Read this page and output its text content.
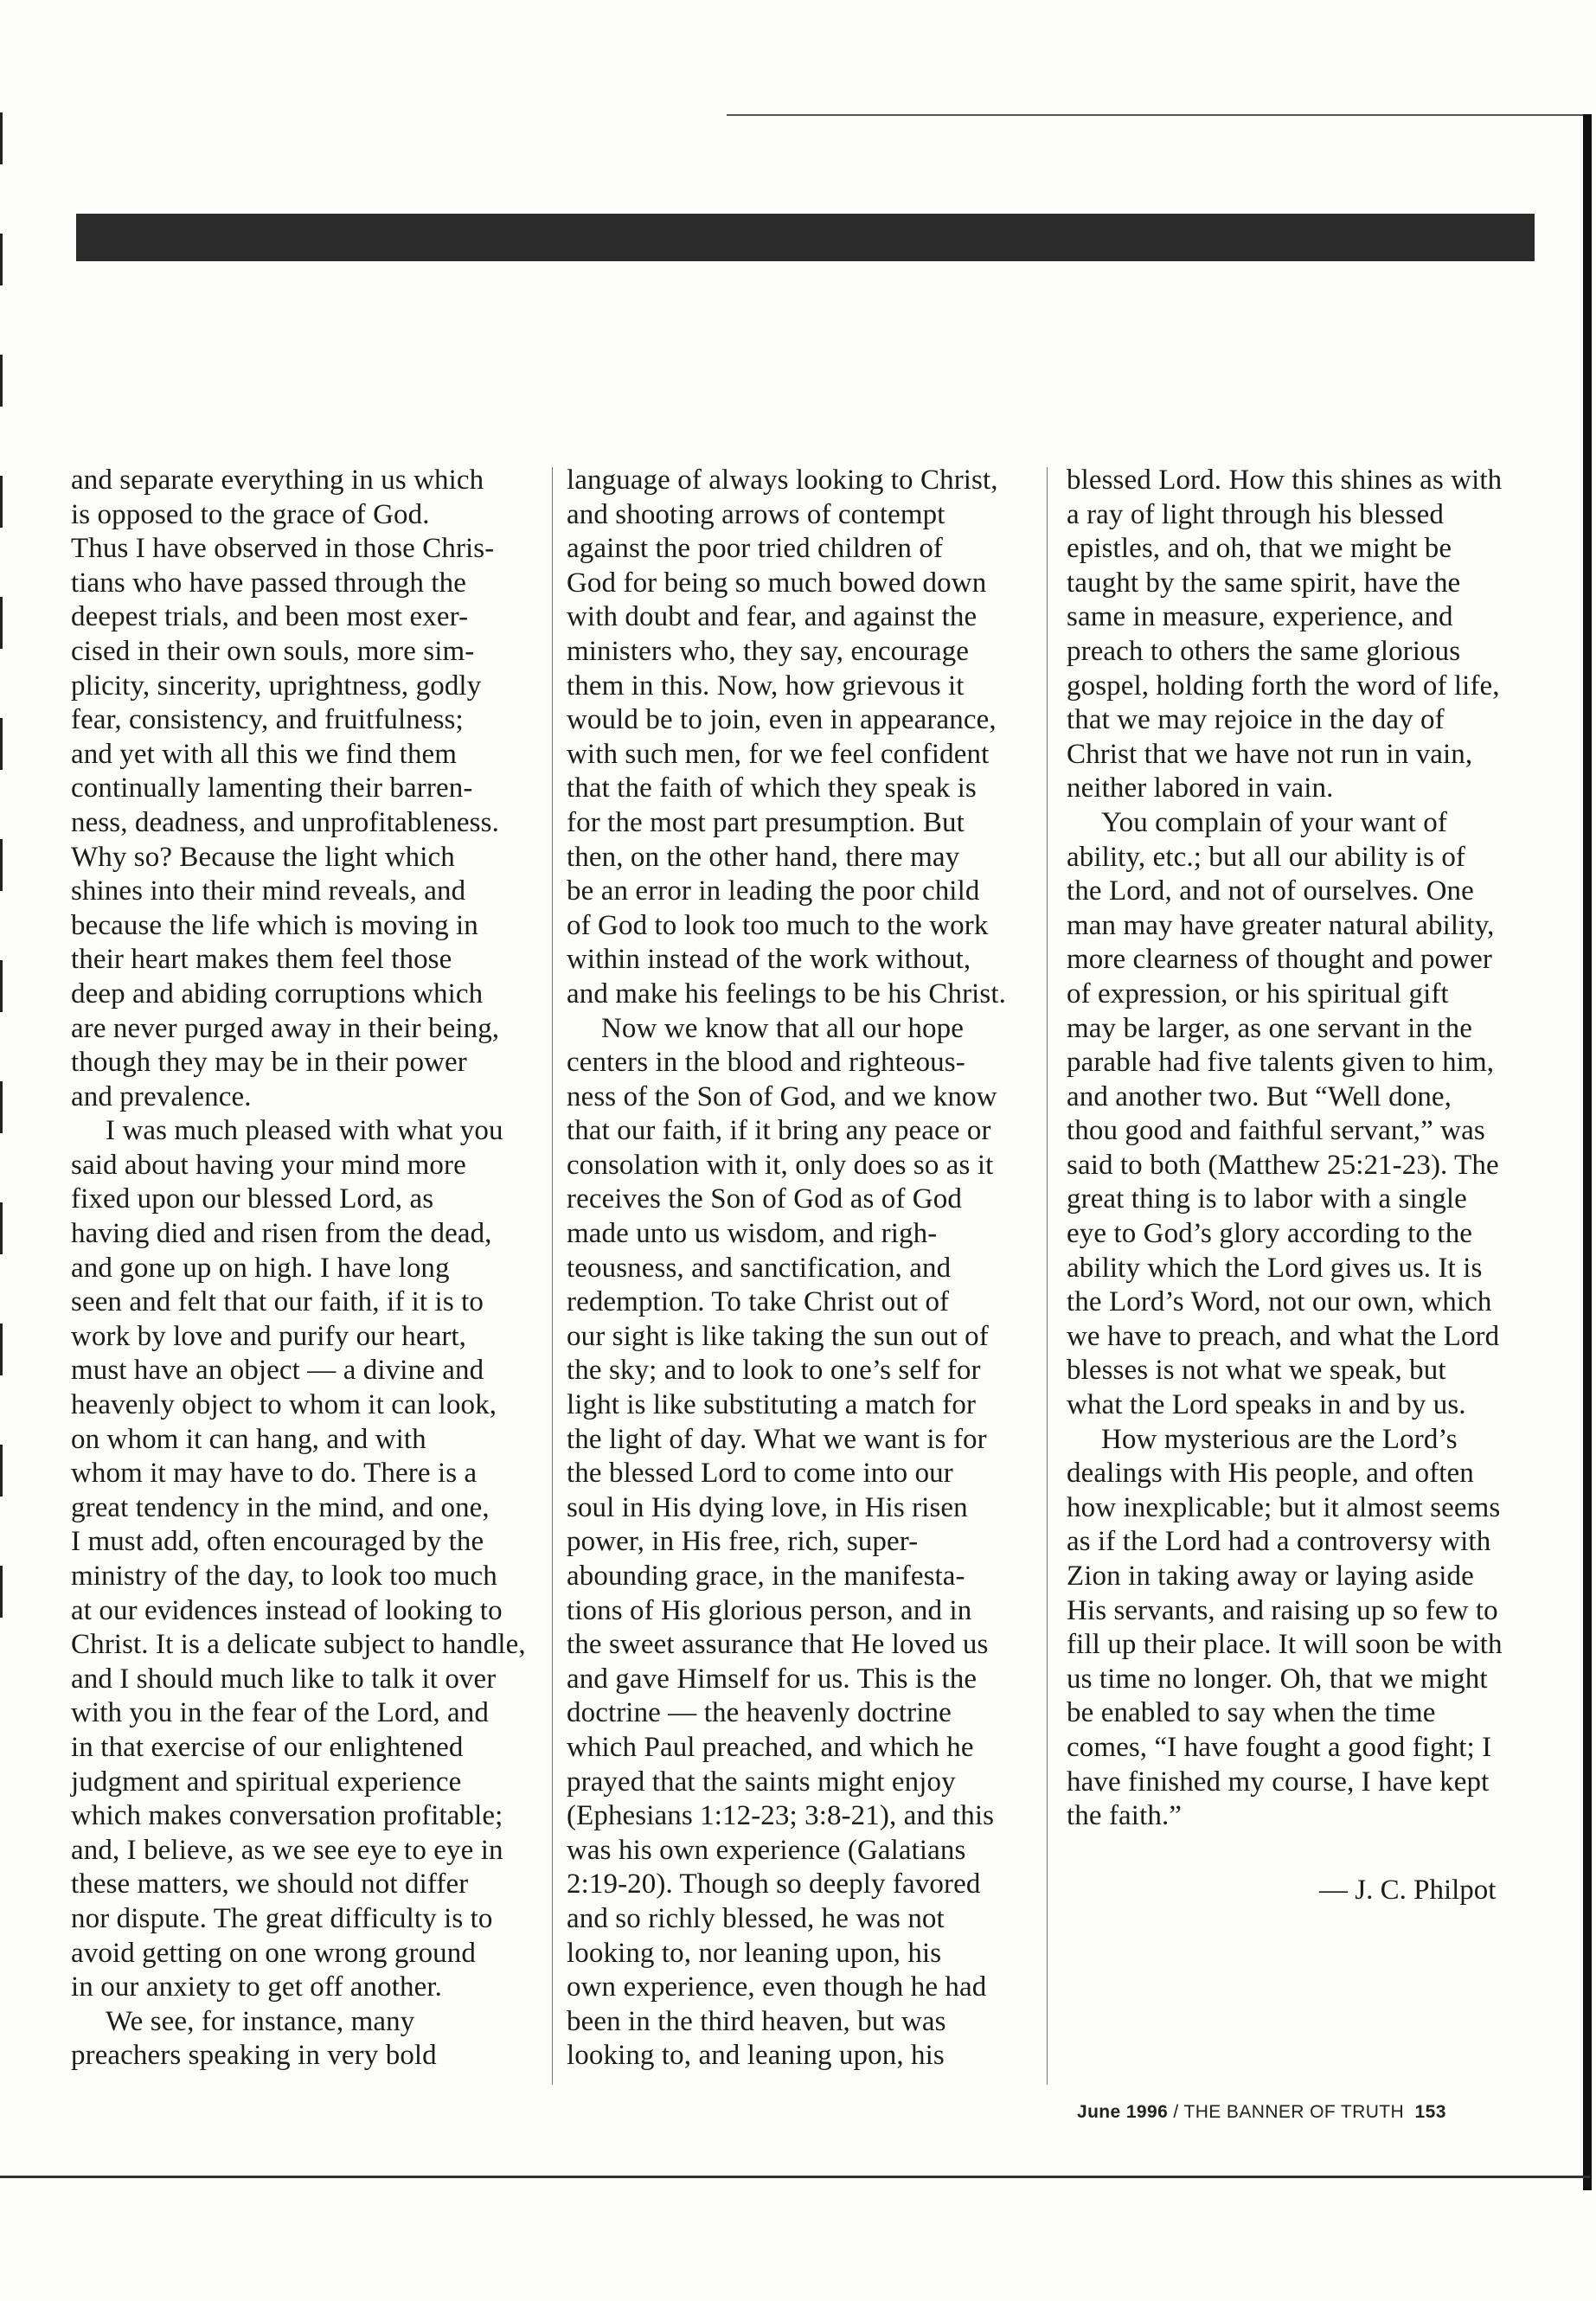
and separate everything in us which
is opposed to the grace of God.
Thus I have observed in those Chris-
tians who have passed through the
deepest trials, and been most exer-
cised in their own souls, more sim-
plicity, sincerity, uprightness, godly
fear, consistency, and fruitfulness;
and yet with all this we find them
continually lamenting their barren-
ness, deadness, and unprofitableness.
Why so? Because the light which
shines into their mind reveals, and
because the life which is moving in
their heart makes them feel those
deep and abiding corruptions which
are never purged away in their being,
though they may be in their power
and prevalence.
I was much pleased with what you
said about having your mind more
fixed upon our blessed Lord, as
having died and risen from the dead,
and gone up on high. I have long
seen and felt that our faith, if it is to
work by love and purify our heart,
must have an object — a divine and
heavenly object to whom it can look,
on whom it can hang, and with
whom it may have to do. There is a
great tendency in the mind, and one,
I must add, often encouraged by the
ministry of the day, to look too much
at our evidences instead of looking to
Christ. It is a delicate subject to handle,
and I should much like to talk it over
with you in the fear of the Lord, and
in that exercise of our enlightened
judgment and spiritual experience
which makes conversation profitable;
and, I believe, as we see eye to eye in
these matters, we should not differ
nor dispute. The great difficulty is to
avoid getting on one wrong ground
in our anxiety to get off another.
We see, for instance, many
preachers speaking in very bold
language of always looking to Christ,
and shooting arrows of contempt
against the poor tried children of
God for being so much bowed down
with doubt and fear, and against the
ministers who, they say, encourage
them in this. Now, how grievous it
would be to join, even in appearance,
with such men, for we feel confident
that the faith of which they speak is
for the most part presumption. But
then, on the other hand, there may
be an error in leading the poor child
of God to look too much to the work
within instead of the work without,
and make his feelings to be his Christ.
Now we know that all our hope
centers in the blood and righteous-
ness of the Son of God, and we know
that our faith, if it bring any peace or
consolation with it, only does so as it
receives the Son of God as of God
made unto us wisdom, and righ-
teousness, and sanctification, and
redemption. To take Christ out of
our sight is like taking the sun out of
the sky; and to look to one’s self for
light is like substituting a match for
the light of day. What we want is for
the blessed Lord to come into our
soul in His dying love, in His risen
power, in His free, rich, super-
abounding grace, in the manifesta-
tions of His glorious person, and in
the sweet assurance that He loved us
and gave Himself for us. This is the
doctrine — the heavenly doctrine
which Paul preached, and which he
prayed that the saints might enjoy
(Ephesians 1:12-23; 3:8-21), and this
was his own experience (Galatians
2:19-20). Though so deeply favored
and so richly blessed, he was not
looking to, nor leaning upon, his
own experience, even though he had
been in the third heaven, but was
looking to, and leaning upon, his
blessed Lord. How this shines as with
a ray of light through his blessed
epistles, and oh, that we might be
taught by the same spirit, have the
same in measure, experience, and
preach to others the same glorious
gospel, holding forth the word of life,
that we may rejoice in the day of
Christ that we have not run in vain,
neither labored in vain.
You complain of your want of
ability, etc.; but all our ability is of
the Lord, and not of ourselves. One
man may have greater natural ability,
more clearness of thought and power
of expression, or his spiritual gift
may be larger, as one servant in the
parable had five talents given to him,
and another two. But “Well done,
thou good and faithful servant,” was
said to both (Matthew 25:21-23). The
great thing is to labor with a single
eye to God’s glory according to the
ability which the Lord gives us. It is
the Lord’s Word, not our own, which
we have to preach, and what the Lord
blesses is not what we speak, but
what the Lord speaks in and by us.
How mysterious are the Lord’s
dealings with His people, and often
how inexplicable; but it almost seems
as if the Lord had a controversy with
Zion in taking away or laying aside
His servants, and raising up so few to
fill up their place. It will soon be with
us time no longer. Oh, that we might
be enabled to say when the time
comes, “I have fought a good fight; I
have finished my course, I have kept
the faith.”
— J. C. Philpot
June 1996 / THE BANNER OF TRUTH 153
